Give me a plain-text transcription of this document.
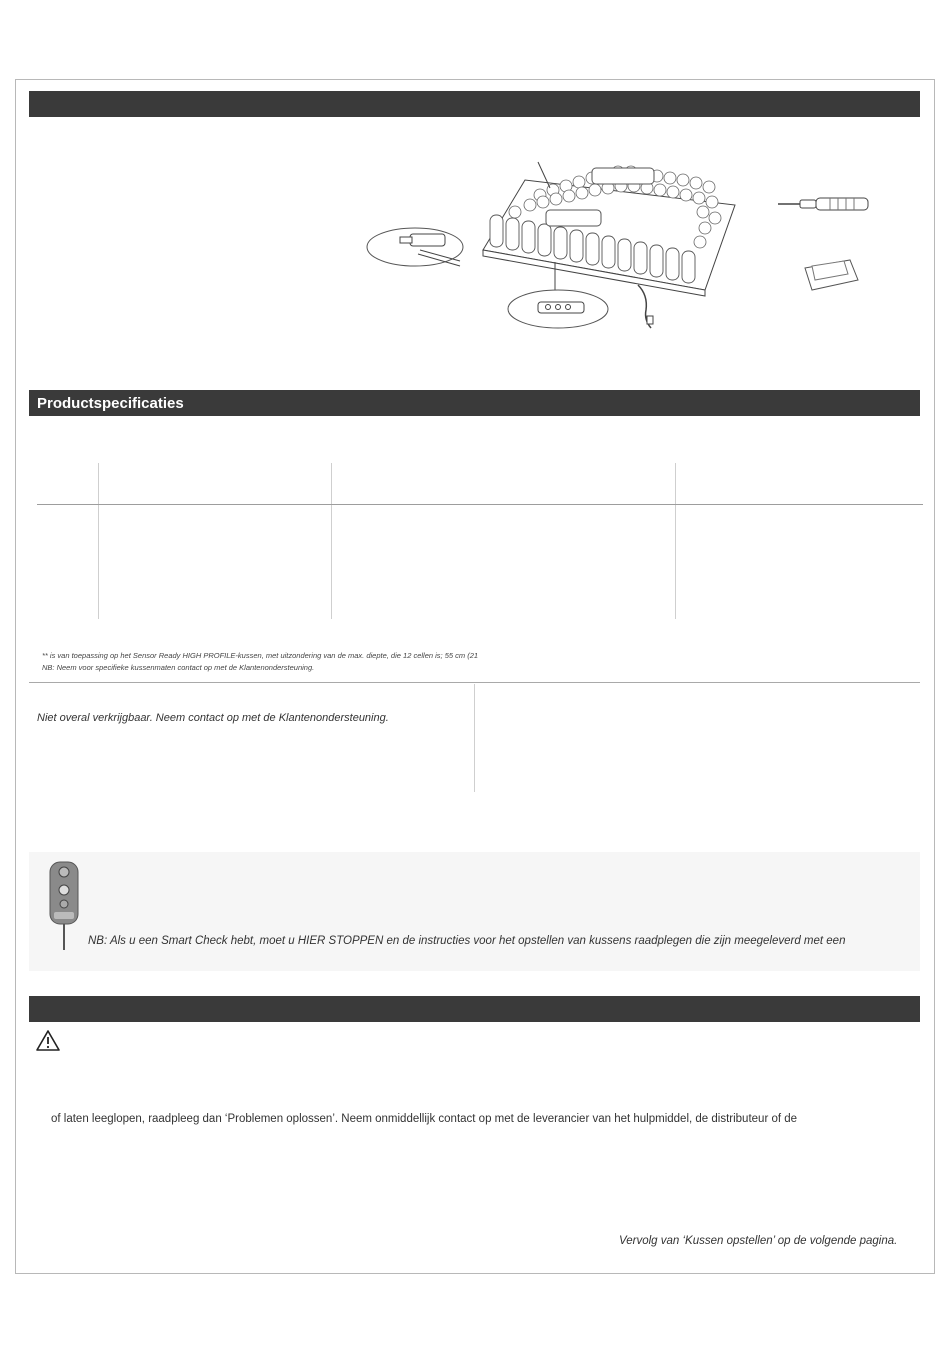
Productspecificaties
** is van toepassing op het Sensor Ready HIGH PROFILE-kussen, met uitzondering van de max. diepte, die 12 cellen is; 55 cm (21
NB: Neem voor specifieke kussenmaten contact op met de Klantenondersteuning.
Niet overal verkrijgbaar. Neem contact op met de Klantenondersteuning.
NB: Als u een Smart Check hebt, moet u HIER STOPPEN en de instructies voor het opstellen van kussens raadplegen die zijn meegeleverd met een
of laten leeglopen, raadpleeg dan ‘Problemen oplossen’. Neem onmiddellijk contact op met de leverancier van het hulpmiddel, de distributeur of de
Vervolg van ‘Kussen opstellen’ op de volgende pagina.
